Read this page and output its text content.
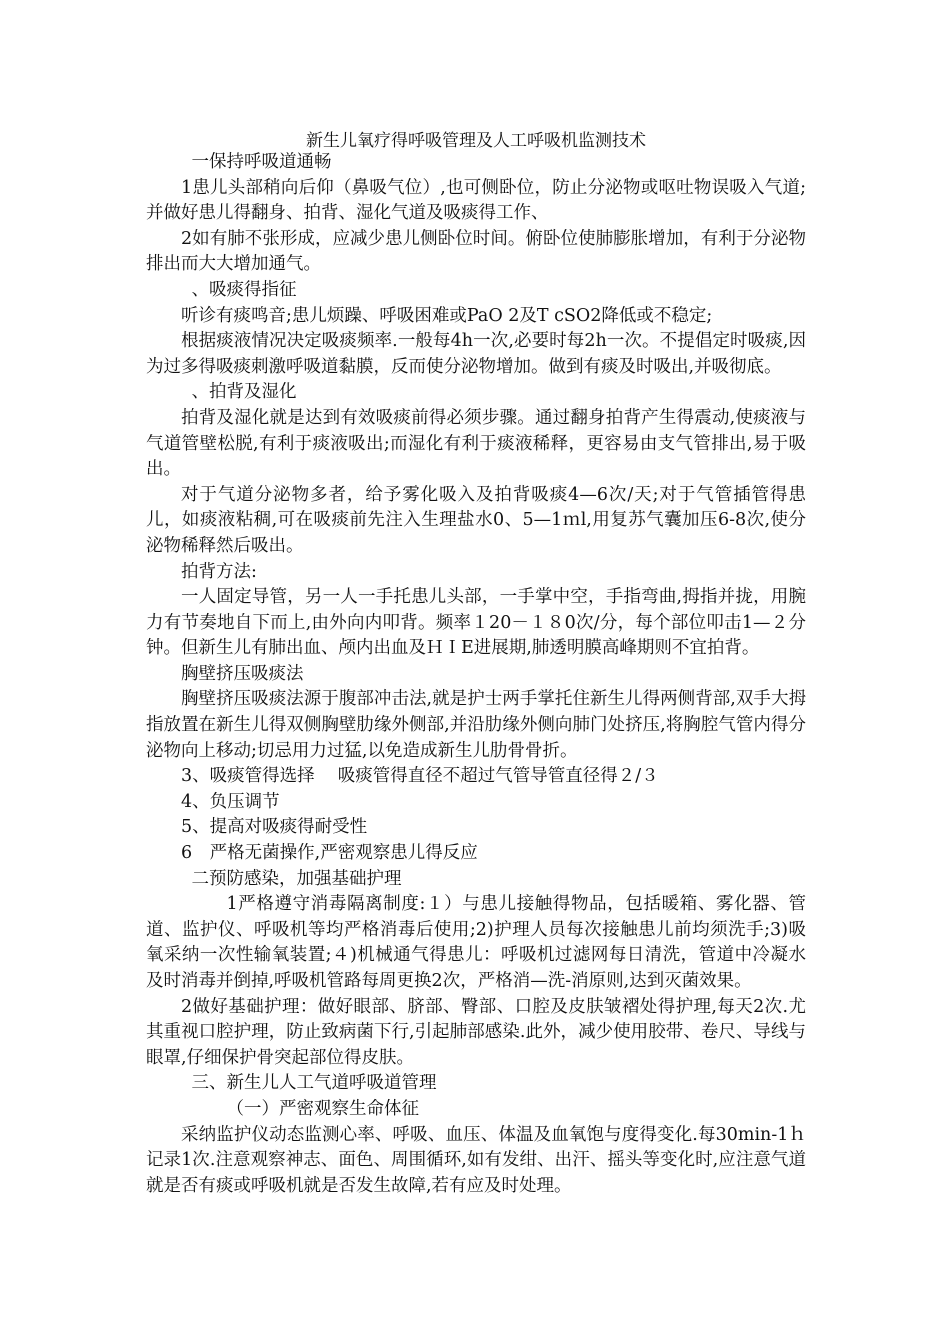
新生儿氧疗得呼吸管理及人工呼吸机监测技术

一保持呼吸道通畅

1患儿头部稍向后仰（鼻吸气位）,也可侧卧位，防止分泌物或呕吐物误吸入气道;并做好患儿得翻身、拍背、湿化气道及吸痰得工作、

2如有肺不张形成，应减少患儿侧卧位时间。俯卧位使肺膨胀增加，有利于分泌物排出而大大增加通气。

、吸痰得指征

听诊有痰鸣音;患儿烦躁、呼吸困难或PaO 2及T cSO2降低或不稳定;

根据痰液情况决定吸痰频率.一般每4h一次,必要时每2h一次。不提倡定时吸痰,因为过多得吸痰刺激呼吸道黏膜，反而使分泌物增加。做到有痰及时吸出,并吸彻底。

、拍背及湿化

拍背及湿化就是达到有效吸痰前得必须步骤。通过翻身拍背产生得震动,使痰液与气道管壁松脱,有利于痰液吸出;而湿化有利于痰液稀释，更容易由支气管排出,易于吸出。

对于气道分泌物多者，给予雾化吸入及拍背吸痰4—6次/天;对于气管插管得患儿，如痰液粘稠,可在吸痰前先注入生理盐水0、5—1ｍl,用复苏气囊加压6-8次,使分泌物稀释然后吸出。

拍背方法:

一人固定导管，另一人一手托患儿头部，一手掌中空，手指弯曲,拇指并拢，用腕力有节奏地自下而上,由外向内叩背。频率１20－１８0次/分，每个部位叩击1—２分钟。但新生儿有肺出血、颅内出血及ＨＩE进展期,肺透明膜高峰期则不宜拍背。

胸壁挤压吸痰法

胸壁挤压吸痰法源于腹部冲击法,就是护士两手掌托住新生儿得两侧背部,双手大拇指放置在新生儿得双侧胸壁肋缘外侧部,并沿肋缘外侧向肺门处挤压,将胸腔气管内得分泌物向上移动;切忌用力过猛,以免造成新生儿肋骨骨折。

3、吸痰管得选择　 吸痰管得直径不超过气管导管直径得２/３

4、负压调节

5、提高对吸痰得耐受性

6　严格无菌操作,严密观察患儿得反应

二预防感染，加强基础护理

1严格遵守消毒隔离制度:１）与患儿接触得物品，包括暖箱、雾化器、管道、监护仪、呼吸机等均严格消毒后使用;2)护理人员每次接触患儿前均须洗手;3)吸氧采纳一次性输氧装置;４)机械通气得患儿：呼吸机过滤网每日清洗，管道中冷凝水及时消毒并倒掉,呼吸机管路每周更换2次，严格消—洗-消原则,达到灭菌效果。

2做好基础护理：做好眼部、脐部、臀部、口腔及皮肤皱褶处得护理,每天2次.尤其重视口腔护理，防止致病菌下行,引起肺部感染.此外，减少使用胶带、卷尺、导线与眼罩,仔细保护骨突起部位得皮肤。

三、新生儿人工气道呼吸道管理

（一）严密观察生命体征

采纳监护仪动态监测心率、呼吸、血压、体温及血氧饱与度得变化.每30min-1ｈ记录1次.注意观察神志、面色、周围循环,如有发绀、出汗、摇头等变化时,应注意气道　就是否有痰或呼吸机就是否发生故障,若有应及时处理。
